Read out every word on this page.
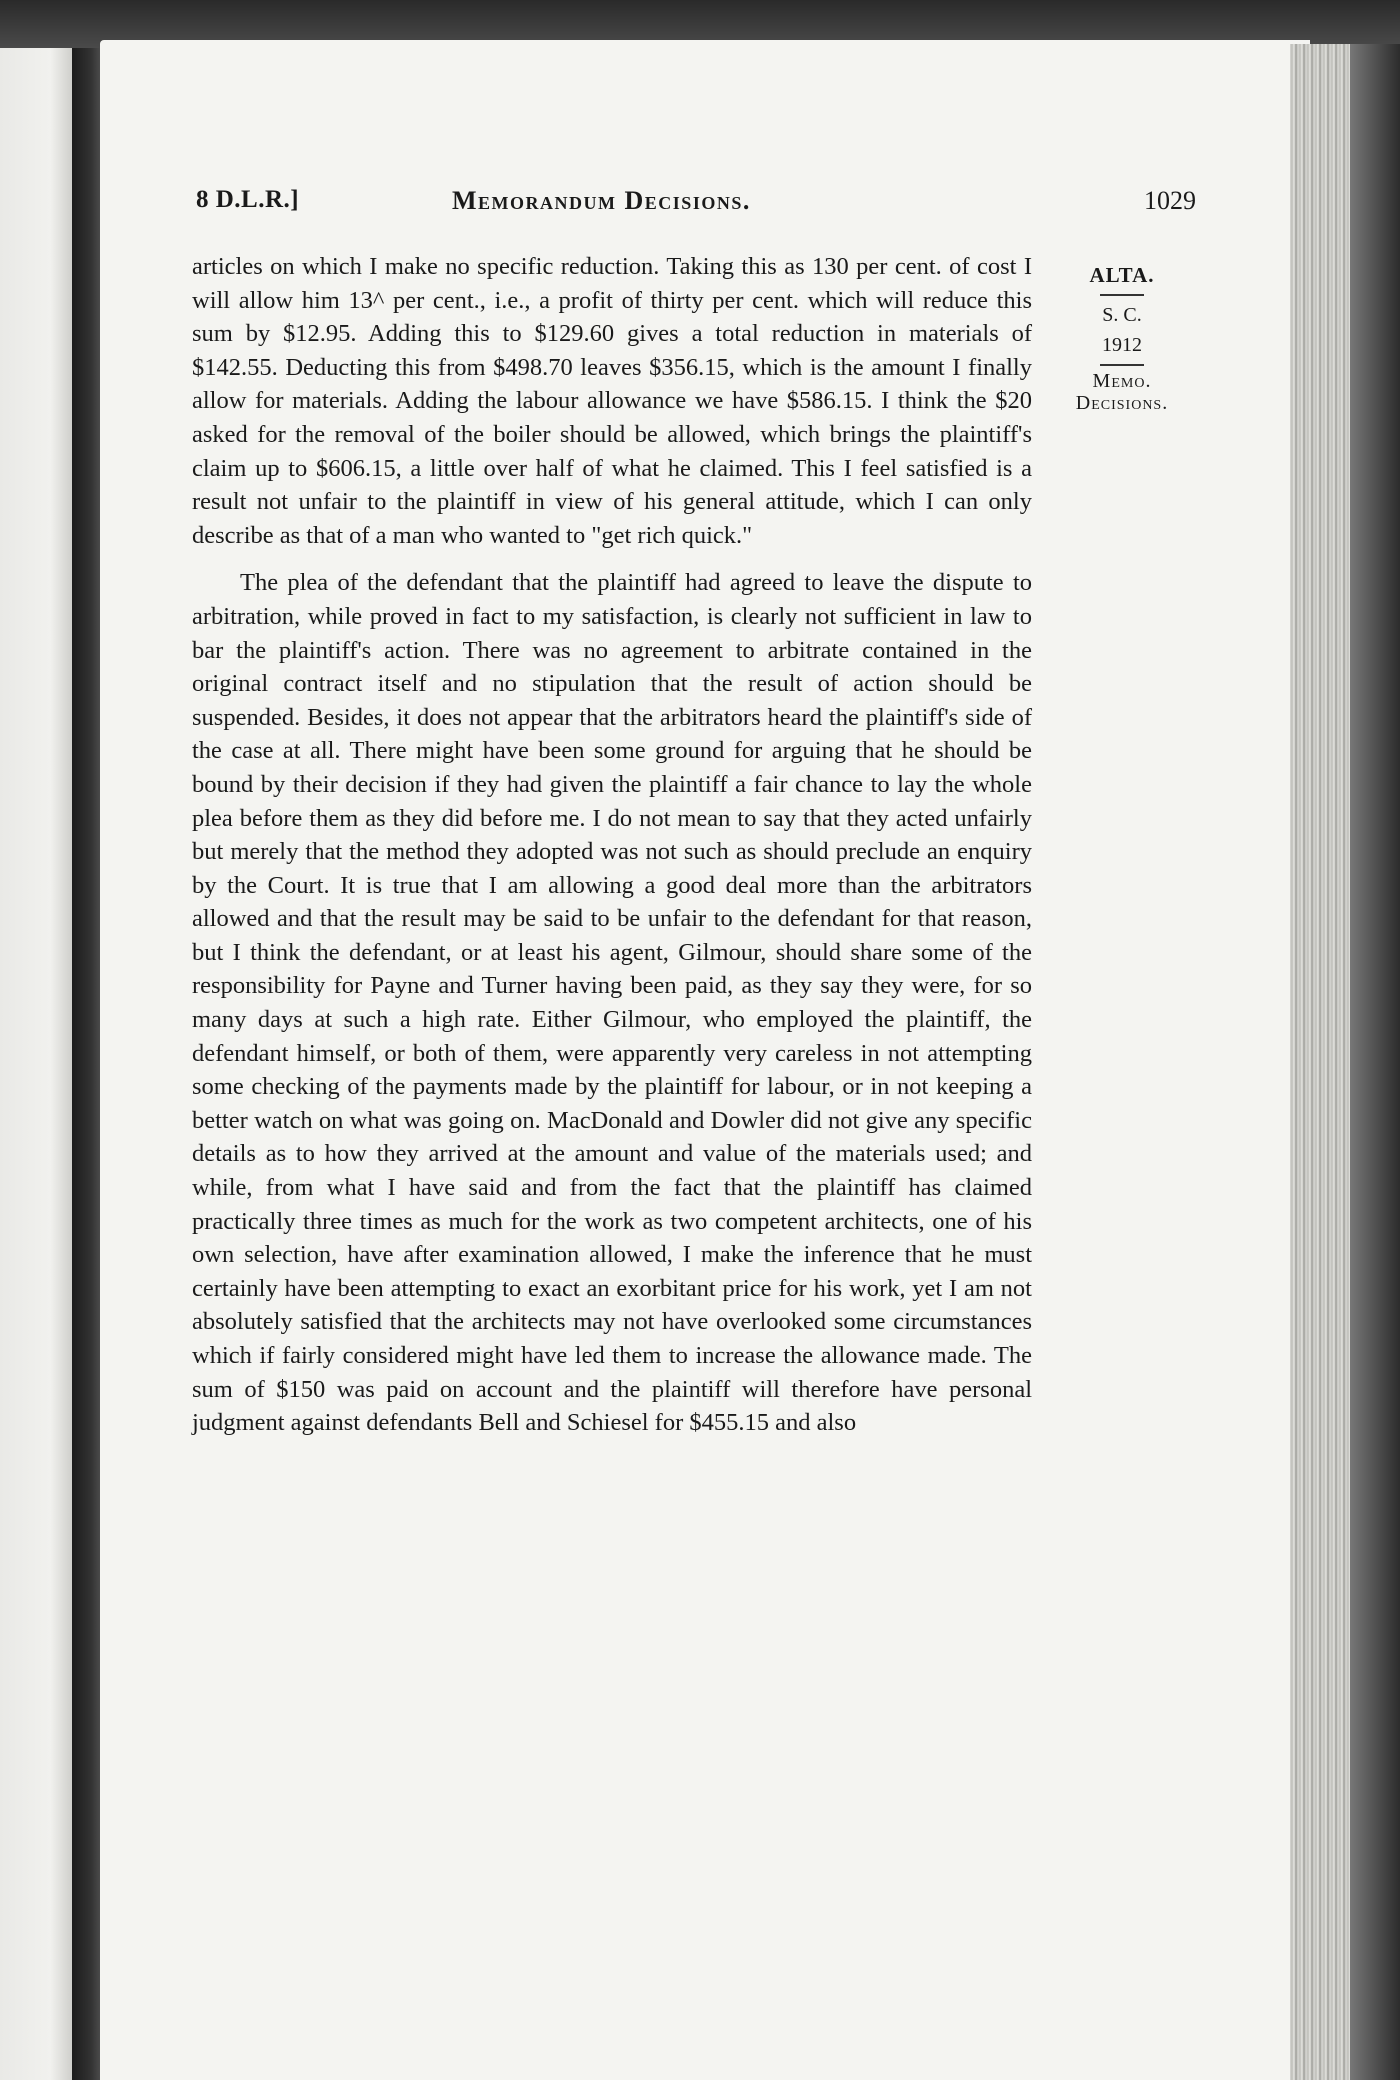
8 D.L.R.]	Memorandum Decisions.	1029

articles on which I make no specific reduction. Taking this as 130 per cent. of cost I will allow him 13^ per cent., i.e., a profit of thirty per cent. which will reduce this sum by $12.95. Adding this to $129.60 gives a total reduction in materials of $142.55. Deducting this from $498.70 leaves $356.15, which is the amount I finally allow for materials. Adding the labour allowance we have $586.15. I think the $20 asked for the removal of the boiler should be allowed, which brings the plaintiff's claim up to $606.15, a little over half of what he claimed. This I feel satisfied is a result not unfair to the plaintiff in view of his general attitude, which I can only describe as that of a man who wanted to "get rich quick."

The plea of the defendant that the plaintiff had agreed to leave the dispute to arbitration, while proved in fact to my satisfaction, is clearly not sufficient in law to bar the plaintiff's action. There was no agreement to arbitrate contained in the original contract itself and no stipulation that the result of action should be suspended. Besides, it does not appear that the arbitrators heard the plaintiff's side of the case at all. There might have been some ground for arguing that he should be bound by their decision if they had given the plaintiff a fair chance to lay the whole plea before them as they did before me. I do not mean to say that they acted unfairly but merely that the method they adopted was not such as should preclude an enquiry by the Court. It is true that I am allowing a good deal more than the arbitrators allowed and that the result may be said to be unfair to the defendant for that reason, but I think the defendant, or at least his agent, Gilmour, should share some of the responsibility for Payne and Turner having been paid, as they say they were, for so many days at such a high rate. Either Gilmour, who employed the plaintiff, the defendant himself, or both of them, were apparently very careless in not attempting some checking of the payments made by the plaintiff for labour, or in not keeping a better watch on what was going on. MacDonald and Dowler did not give any specific details as to how they arrived at the amount and value of the materials used; and while, from what I have said and from the fact that the plaintiff has claimed practically three times as much for the work as two competent architects, one of his own selection, have after examination allowed, I make the inference that he must certainly have been attempting to exact an exorbitant price for his work, yet I am not absolutely satisfied that the architects may not have overlooked some circumstances which if fairly considered might have led them to increase the allowance made. The sum of $150 was paid on account and the plaintiff will therefore have personal judgment against defendants Bell and Schiesel for $455.15 and also

ALTA.
S. C.
1912
Memo.
Decisions.
